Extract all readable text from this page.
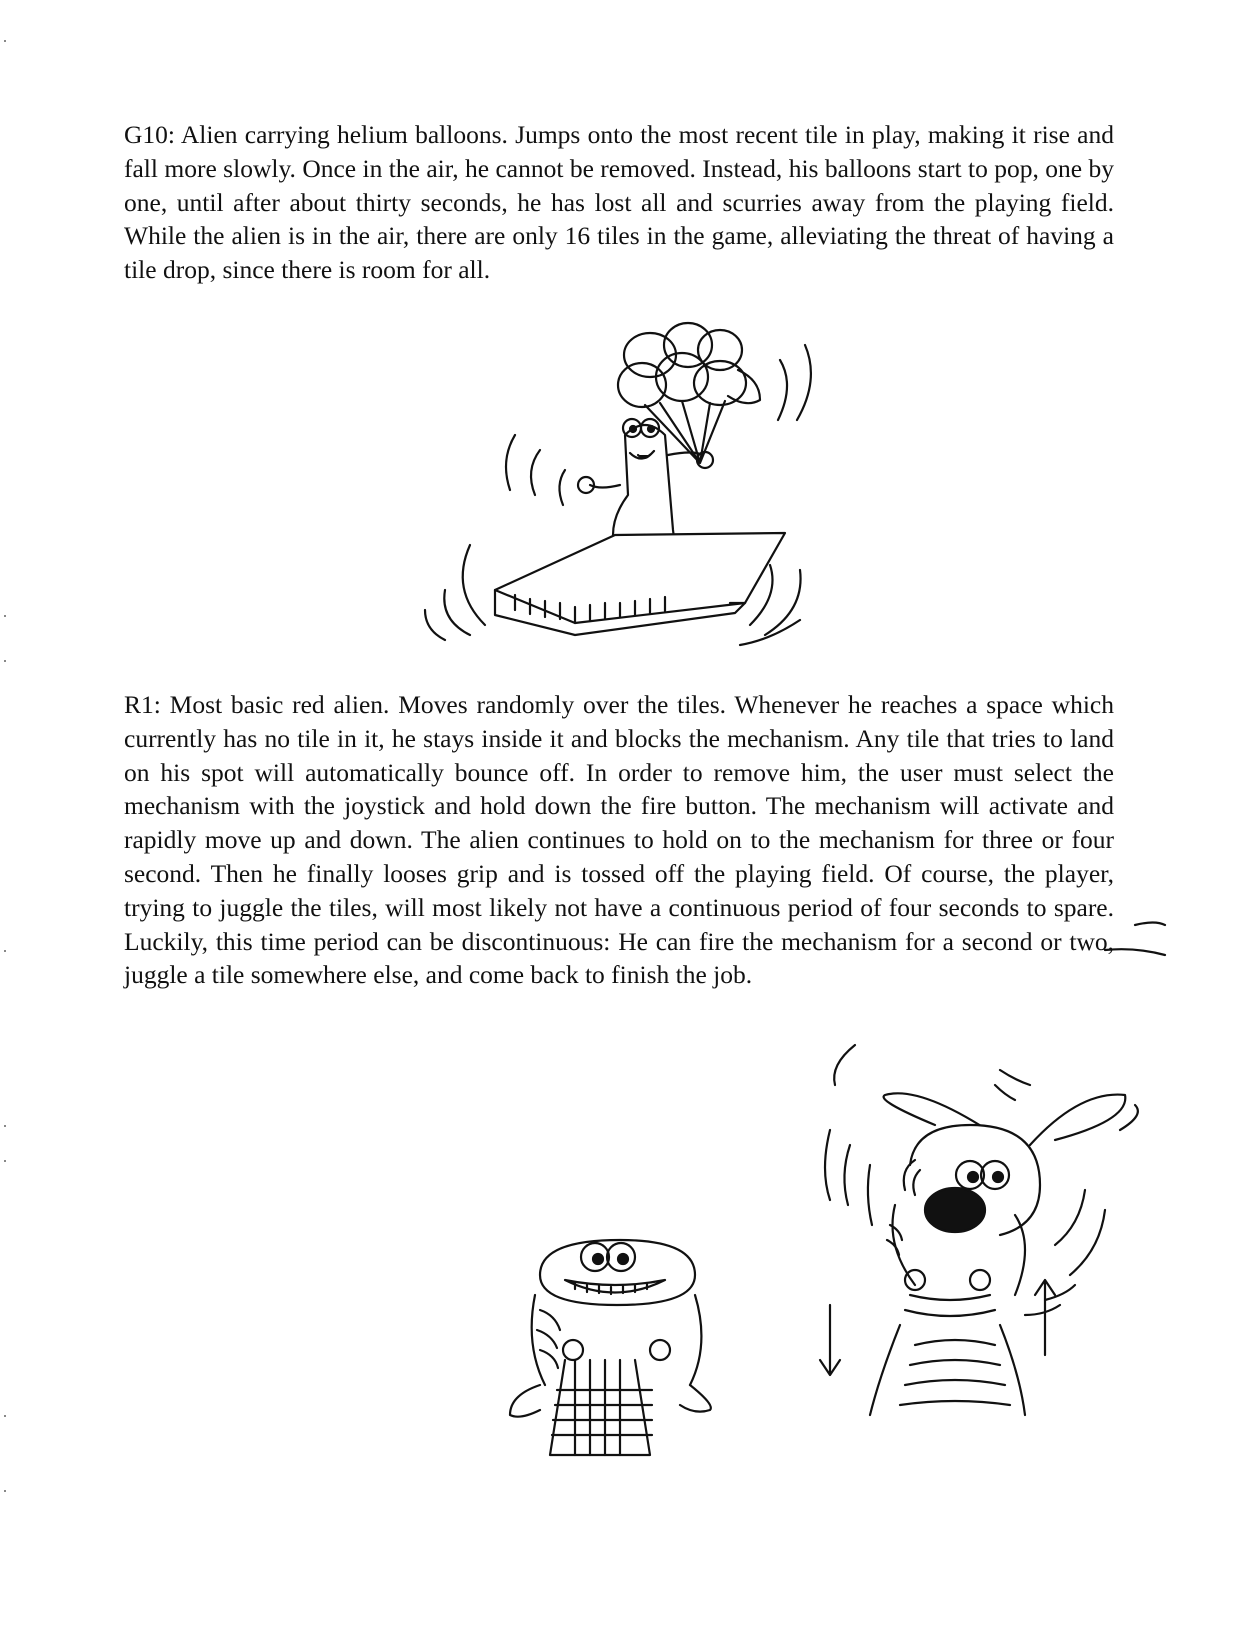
G10: Alien carrying helium balloons. Jumps onto the most recent tile in play, making it rise and fall more slowly. Once in the air, he cannot be removed. Instead, his balloons start to pop, one by one, until after about thirty seconds, he has lost all and scurries away from the playing field. While the alien is in the air, there are only 16 tiles in the game, alleviating the threat of having a tile drop, since there is room for all.

R1: Most basic red alien. Moves randomly over the tiles. Whenever he reaches a space which currently has no tile in it, he stays inside it and blocks the mechanism. Any tile that tries to land on his spot will automatically bounce off. In order to remove him, the user must select the mechanism with the joystick and hold down the fire button. The mechanism will activate and rapidly move up and down. The alien continues to hold on to the mechanism for three or four second. Then he finally looses grip and is tossed off the playing field. Of course, the player, trying to juggle the tiles, will most likely not have a continuous period of four seconds to spare. Luckily, this time period can be discontinuous: He can fire the mechanism for a second or two, juggle a tile somewhere else, and come back to finish the job.
